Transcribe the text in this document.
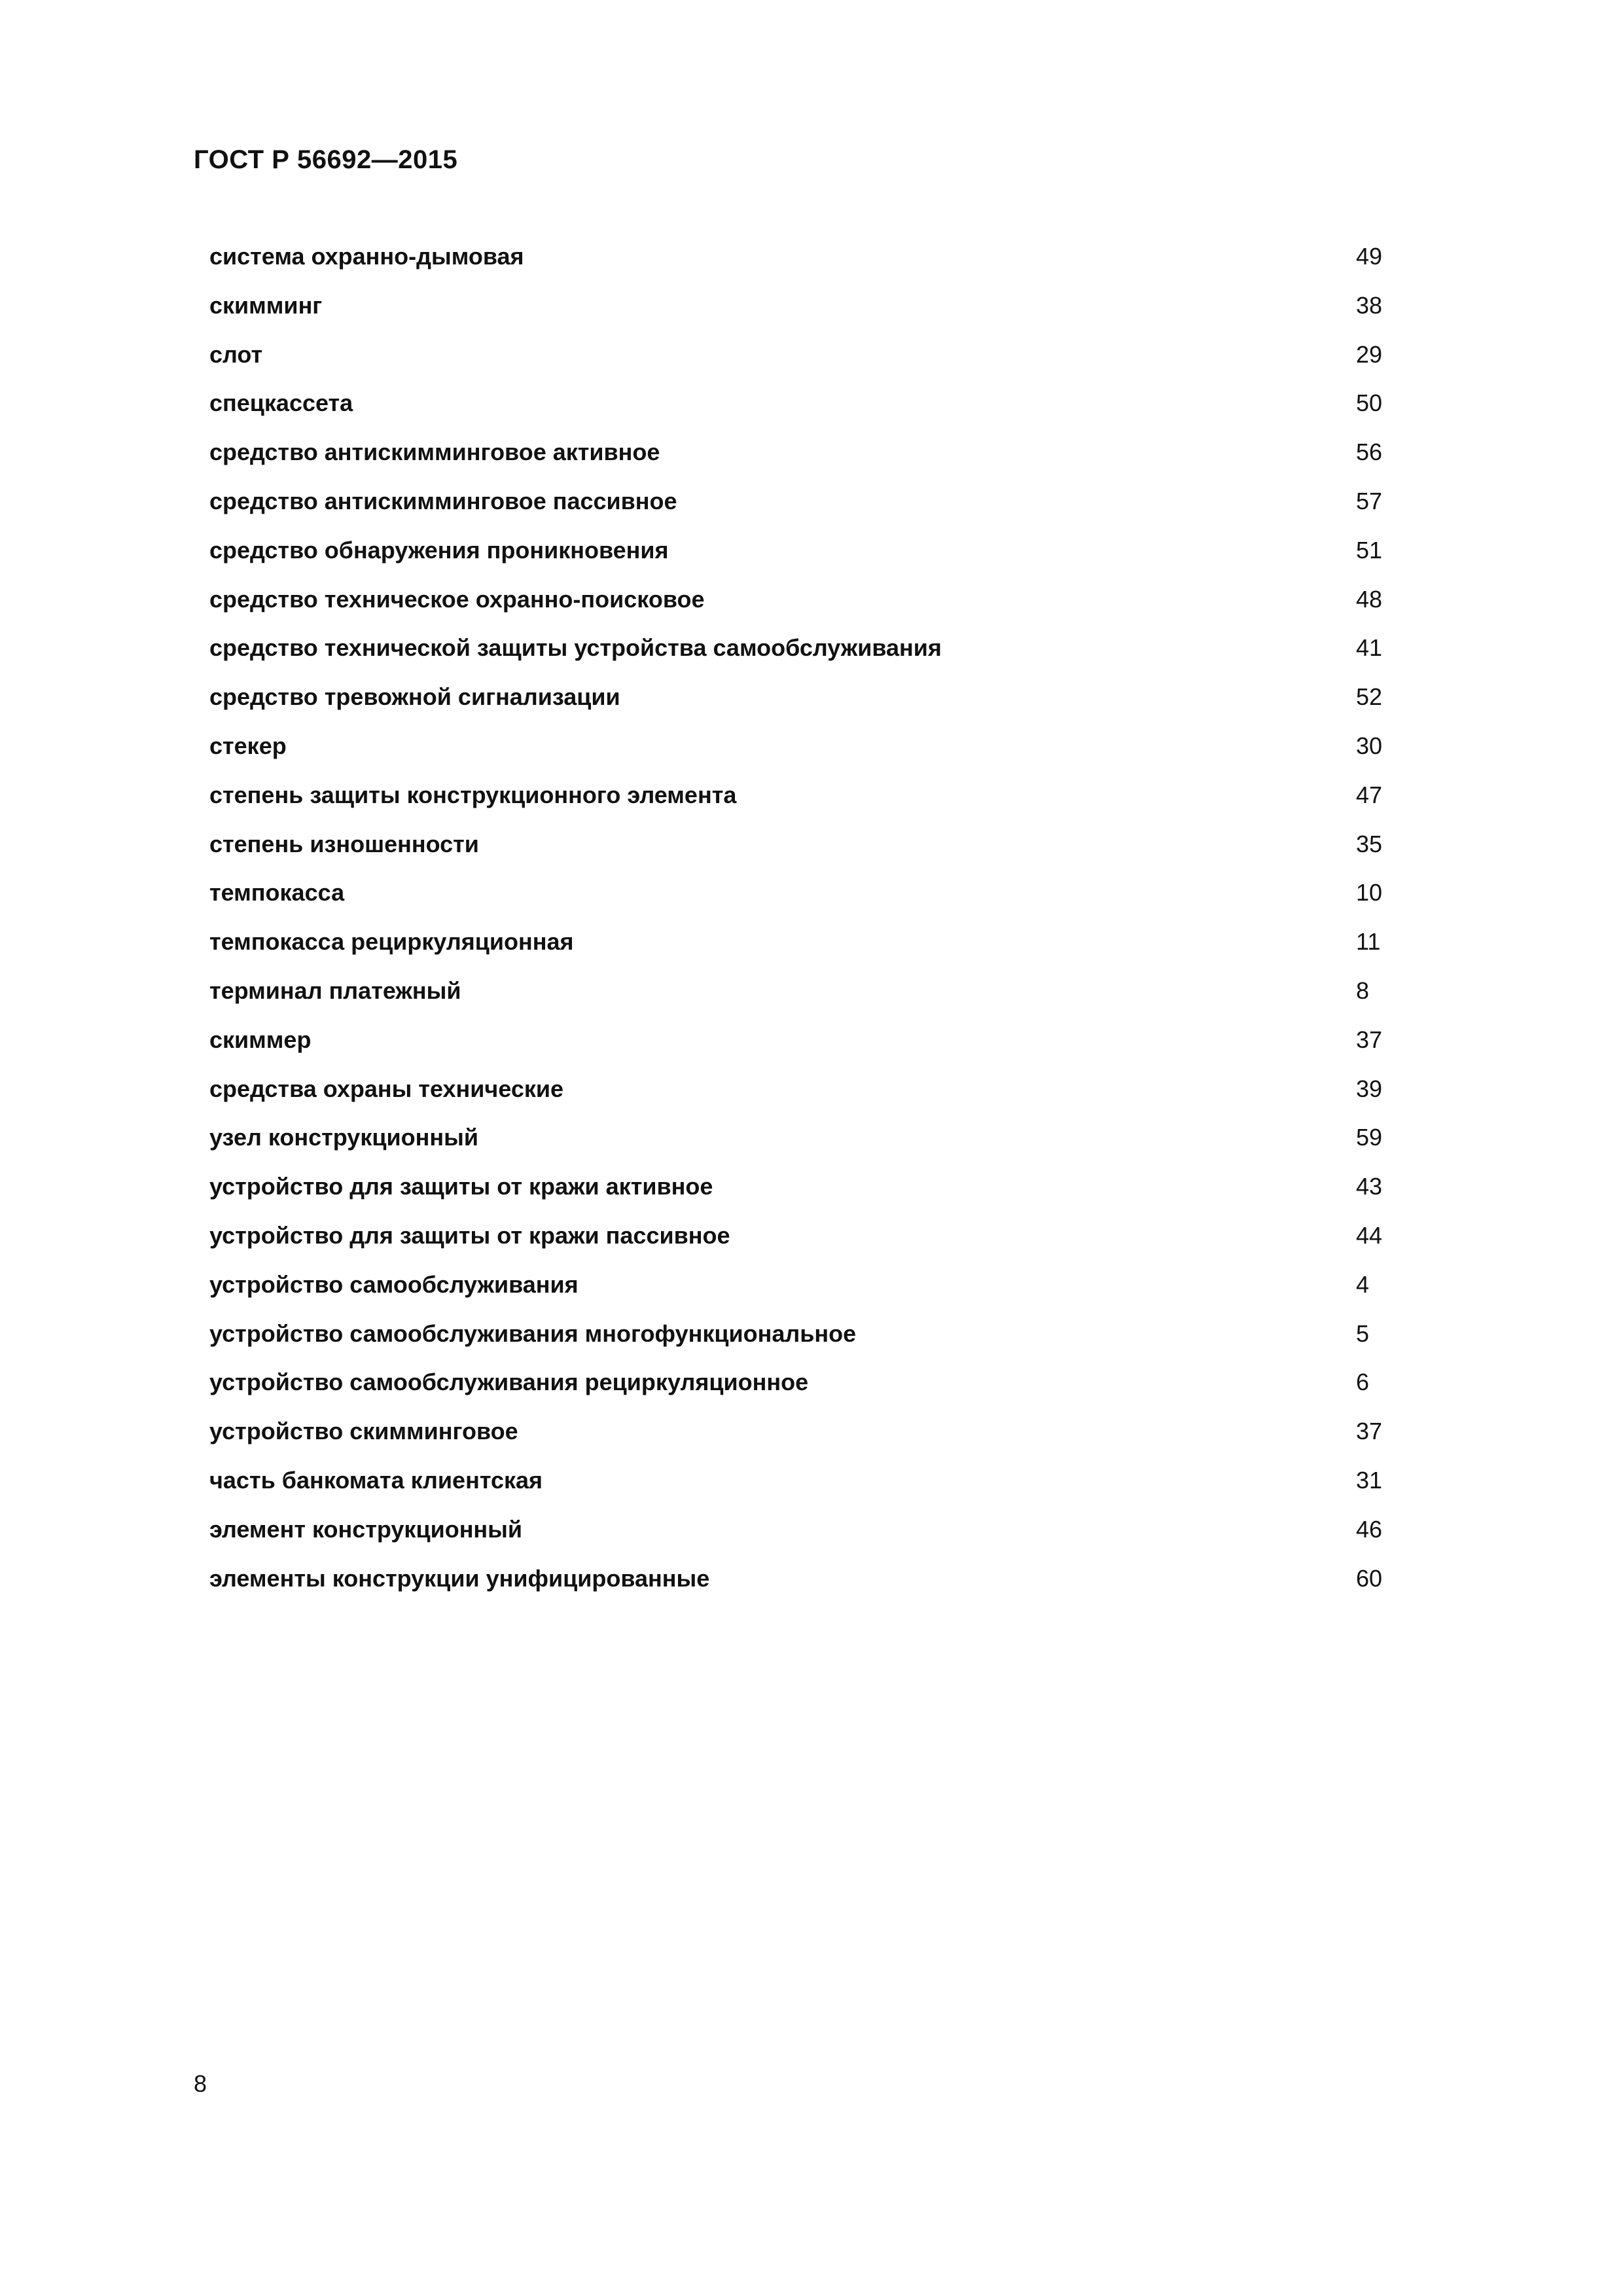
ГОСТ Р 56692—2015
система охранно-дымовая	49
скимминг	38
слот	29
спецкассета	50
средство антискимминговое активное	56
средство антискимминговое пассивное	57
средство обнаружения проникновения	51
средство техническое охранно-поисковое	48
средство технической защиты устройства самообслуживания	41
средство тревожной сигнализации	52
стекер	30
степень защиты конструкционного элемента	47
степень изношенности	35
темпокасса	10
темпокасса рециркуляционная	11
терминал платежный	8
скиммер	37
средства охраны технические	39
узел конструкционный	59
устройство для защиты от кражи активное	43
устройство для защиты от кражи пассивное	44
устройство самообслуживания	4
устройство самообслуживания многофункциональное	5
устройство самообслуживания рециркуляционное	6
устройство скимминговое	37
часть банкомата клиентская	31
элемент конструкционный	46
элементы конструкции унифицированные	60
8
